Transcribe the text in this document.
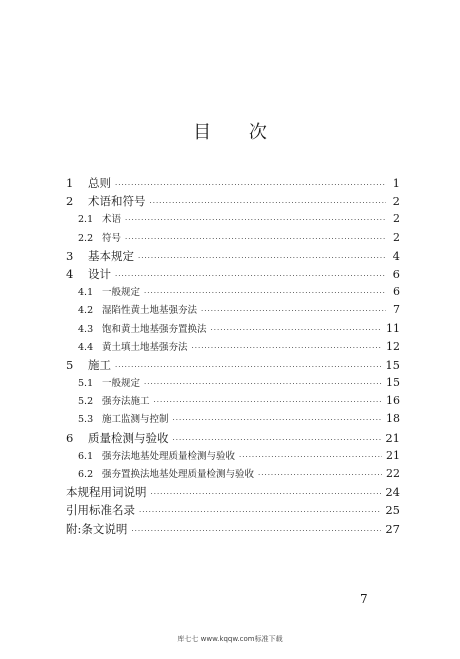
目 次
1	总则 ·····	1
2	术语和符号 ·····	2
2.1 术语 ·····	2
2.2 符号 ·····	2
3	基本规定 ·····	4
4	设计 ·····	6
4.1 一般规定 ·····	6
4.2 湿陷性黄土地基强夯法 ·····	7
4.3 饱和黄土地基强夯置换法 ·····	11
4.4 黄土填土地基强夯法 ·····	12
5	施工 ·····	15
5.1 一般规定 ·····	15
5.2 强夯法施工 ·····	16
5.3 施工监测与控制 ·····	18
6	质量检测与验收 ·····	21
6.1 强夯法地基处理质量检测与验收 ·····	21
6.2 强夯置换法地基处理质量检测与验收 ·····	22
本规程用词说明 ·····	24
引用标准名录 ·····	25
附:条文说明 ·····	27
7
库七七 www.kqqw.com标准下载
